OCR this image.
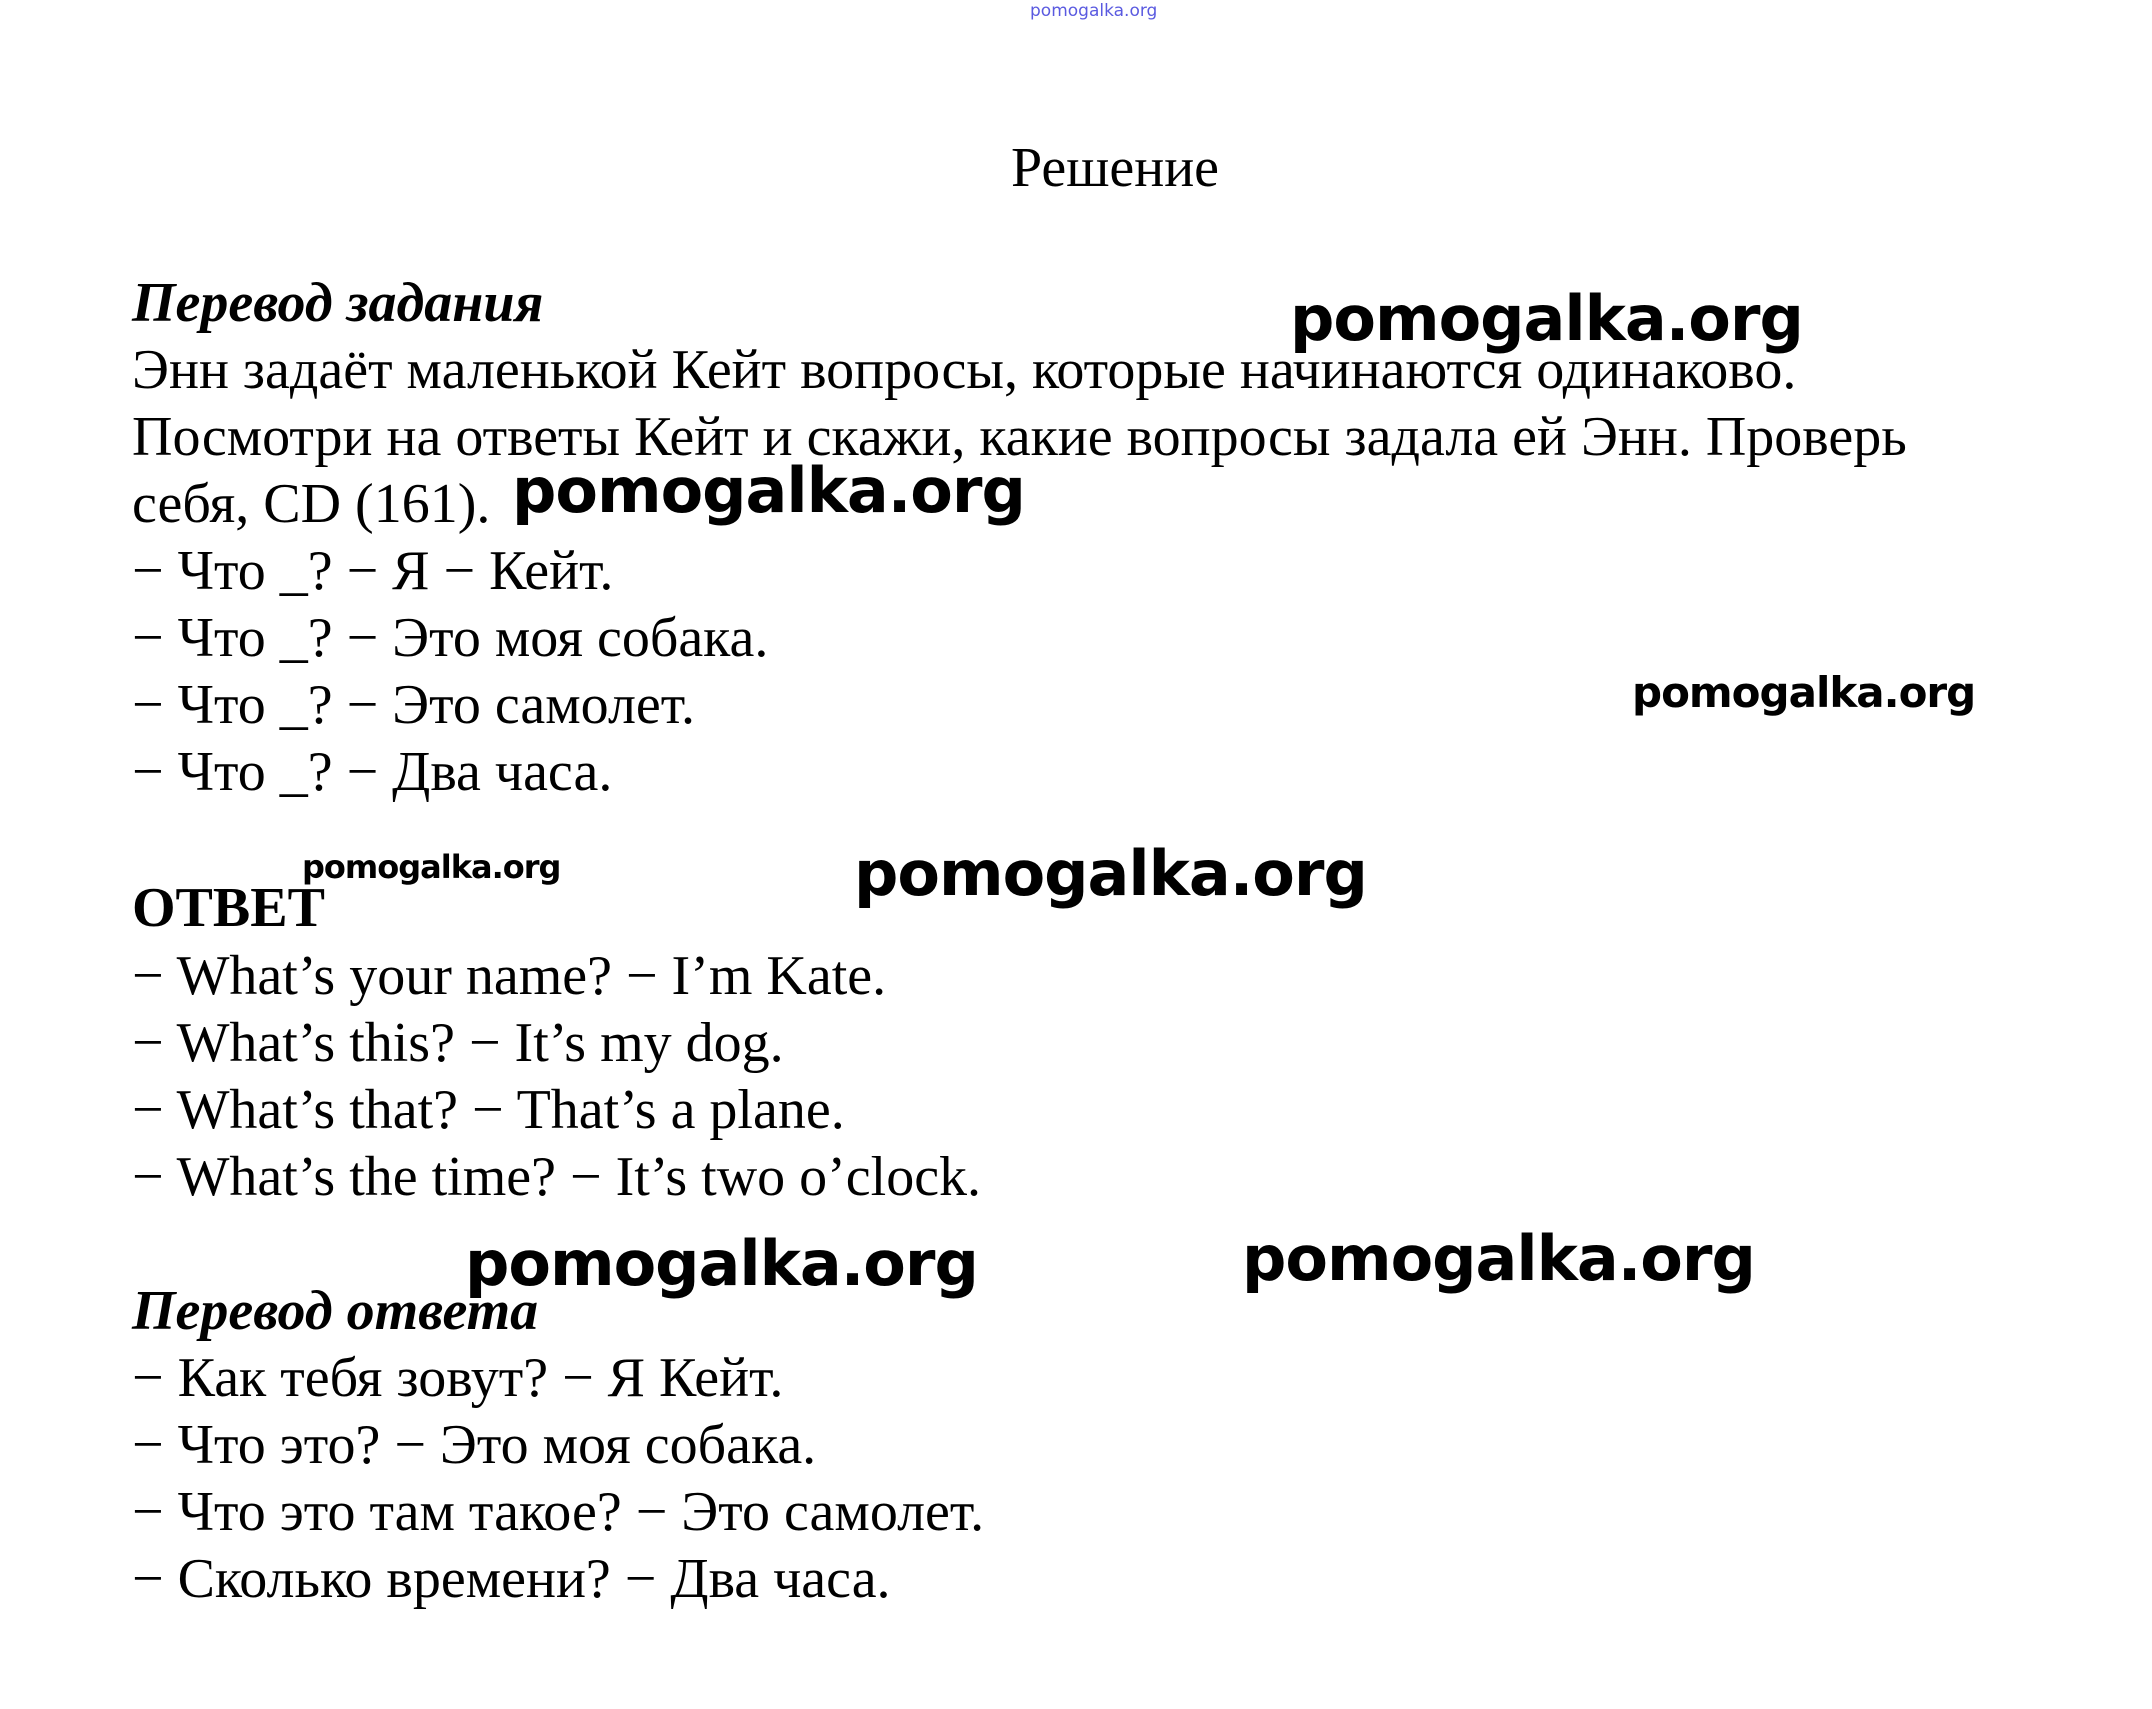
pomogalka.org
Решение
Перевод задания
Энн задаёт маленькой Кейт вопросы, которые начинаются одинаково.
Посмотри на ответы Кейт и скажи, какие вопросы задала ей Энн. Проверь
себя, CD (161).
− Что _? − Я − Кейт.
− Что _? − Это моя собака.
− Что _? − Это самолет.
− Что _? − Два часа.
ОТВЕТ
− What’s your name? − I’m Kate.
− What’s this? − It’s my dog.
− What’s that? − That’s a plane.
− What’s the time? − It’s two o’clock.
Перевод ответа
− Как тебя зовут? − Я Кейт.
− Что это? − Это моя собака.
− Что это там такое? − Это самолет.
− Сколько времени? − Два часа.
pomogalka.org
pomogalka.org
pomogalka.org
pomogalka.org	pomogalka.org
pomogalka.org	pomogalka.org
